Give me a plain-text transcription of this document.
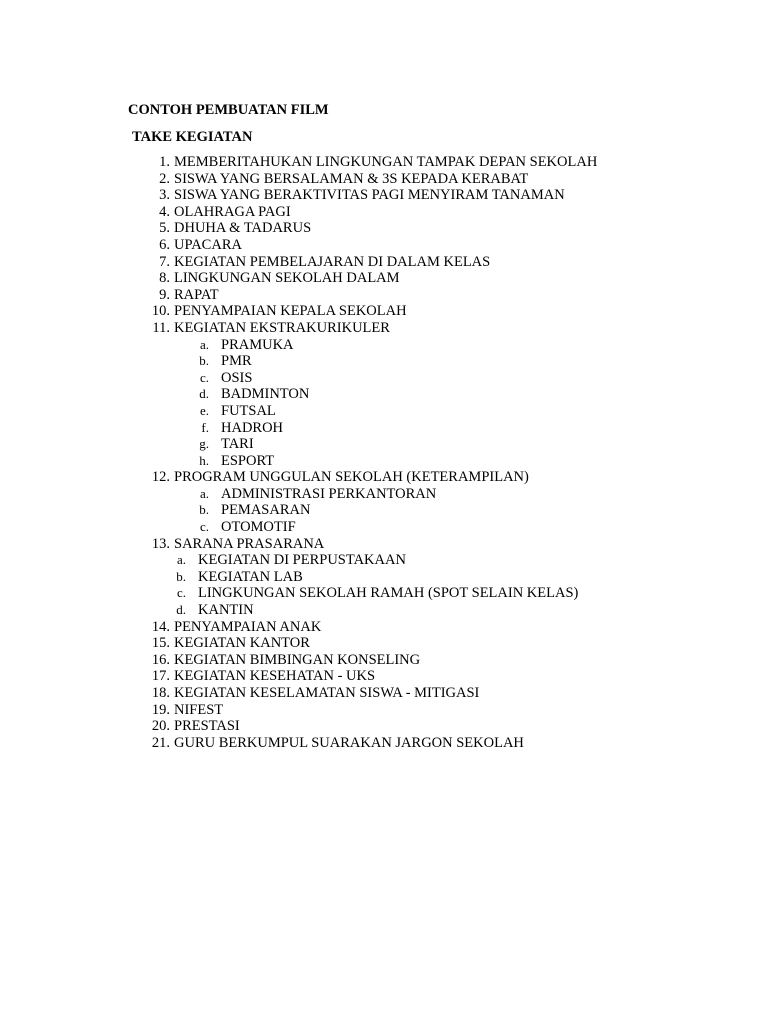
CONTOH PEMBUATAN FILM
TAKE KEGIATAN
1. MEMBERITAHUKAN LINGKUNGAN TAMPAK DEPAN SEKOLAH
2. SISWA YANG BERSALAMAN & 3S KEPADA KERABAT
3. SISWA YANG BERAKTIVITAS PAGI MENYIRAM TANAMAN
4. OLAHRAGA PAGI
5. DHUHA & TADARUS
6. UPACARA
7. KEGIATAN PEMBELAJARAN DI DALAM KELAS
8. LINGKUNGAN SEKOLAH DALAM
9. RAPAT
10. PENYAMPAIAN KEPALA SEKOLAH
11. KEGIATAN EKSTRAKURIKULER
a. PRAMUKA
b. PMR
c. OSIS
d. BADMINTON
e. FUTSAL
f. HADROH
g. TARI
h. ESPORT
12. PROGRAM UNGGULAN SEKOLAH (KETERAMPILAN)
a. ADMINISTRASI PERKANTORAN
b. PEMASARAN
c. OTOMOTIF
13. SARANA PRASARANA
a. KEGIATAN DI PERPUSTAKAAN
b. KEGIATAN LAB
c. LINGKUNGAN SEKOLAH RAMAH (SPOT SELAIN KELAS)
d. KANTIN
14. PENYAMPAIAN ANAK
15. KEGIATAN KANTOR
16. KEGIATAN BIMBINGAN KONSELING
17. KEGIATAN KESEHATAN - UKS
18. KEGIATAN KESELAMATAN SISWA - MITIGASI
19. NIFEST
20. PRESTASI
21. GURU BERKUMPUL SUARAKAN JARGON SEKOLAH
